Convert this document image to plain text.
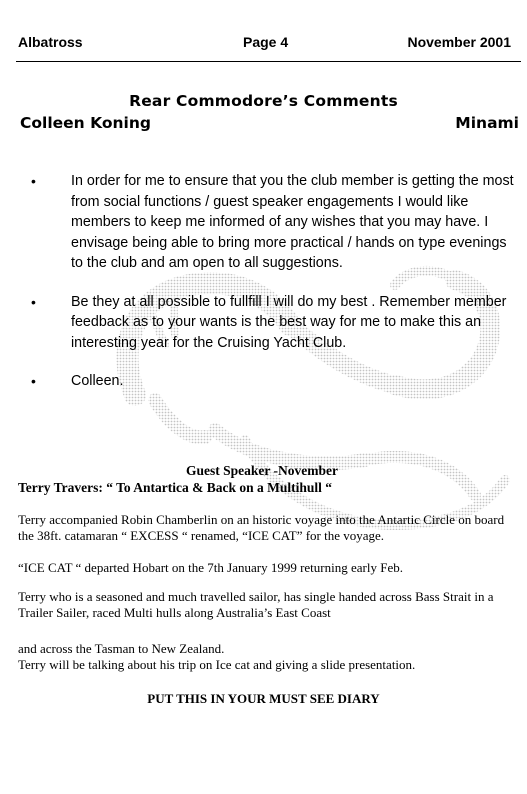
Albatross	Page 4	November 2001
Rear Commodore’s Comments
Colleen Koning	Minami
• In order for me to ensure that you the club member is getting the most from social functions / guest speaker engagements I would like members to keep me informed of any wishes that you may have. I envisage being able to bring more practical / hands on type evenings to the club and am open to all suggestions.
• Be they at all possible to fullfill I will do my best . Remember member feedback as to your wants is the best way for me to make this an interesting year for the Cruising Yacht Club.
• Colleen.
Guest Speaker -November
Terry Travers: “ To Antartica & Back on a Multihull “

Terry accompanied Robin Chamberlin on an historic voyage into the Antartic Circle on board the 38ft. catamaran “ EXCESS “ renamed, “ICE CAT” for the voyage.

“ICE CAT “ departed Hobart on the 7th January 1999 returning early Feb.

Terry who is a seasoned and much travelled sailor, has single handed across Bass Strait in a Trailer Sailer, raced Multi hulls along Australia’s East Coast

and across the Tasman to New Zealand.

Terry will be talking about his trip on Ice cat and giving a slide presentation.

PUT THIS IN YOUR MUST SEE DIARY
